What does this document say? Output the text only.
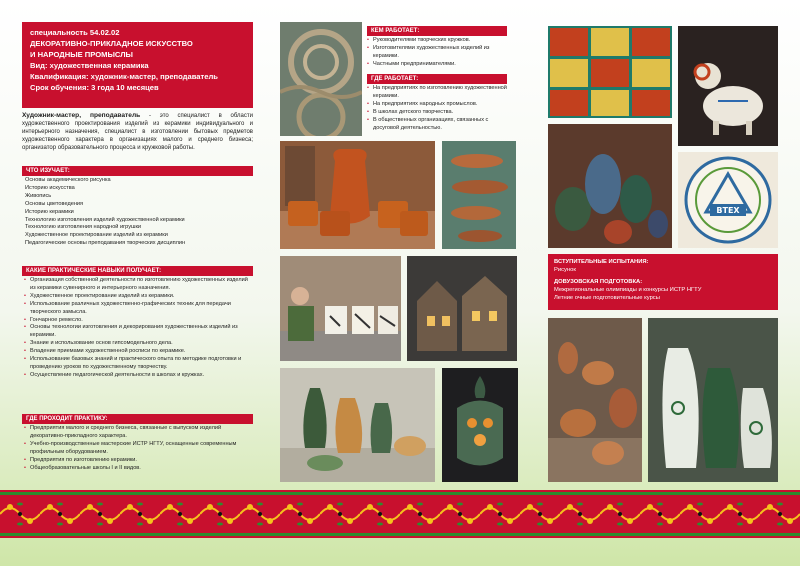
специальность 54.02.02
ДЕКОРАТИВНО-ПРИКЛАДНОЕ ИСКУССТВО
И НАРОДНЫЕ ПРОМЫСЛЫ
Вид: художественная керамика
Квалификация: художник-мастер, преподаватель
Срок обучения: 3 года 10 месяцев
Художник-мастер, преподаватель - это специалист в области художественного проектирования изделий из керамики индивидуального и интерьерного назначения, специалист в изготовлении бытовых предметов художественного характера в организациях малого и среднего бизнеса; организатор образовательного процесса и кружковой работы.
ЧТО ИЗУЧАЕТ:
Основы академического рисунка
Историю искусства
Живопись
Основы цветоведения
Историю керамики
Технологию изготовления изделий художественной керамики
Технологию изготовления народной игрушки
Художественное проектирование изделий из керамики
Педагогические основы преподавания творческих дисциплин
КАКИЕ ПРАКТИЧЕСКИЕ НАВЫКИ ПОЛУЧАЕТ:
• Организация собственной деятельности по изготовлению художественных изделий из керамики сувенирного и интерьерного назначения.
• Художественное проектирование изделий из керамики.
• Использование различных художественно-графических техник для передачи творческого замысла.
• Гончарное ремесло.
• Основы технологии изготовления и декорирования художественных изделий из керамики.
• Знание и использование основ гипсомодельного дела.
• Владение приемами художественной росписи по керамике.
• Использование базовых знаний и практического опыта по методике подготовки и проведению уроков по художественному творчеству.
• Осуществление педагогической деятельности в школах и кружках.
ГДЕ ПРОХОДИТ ПРАКТИКУ:
• Предприятия малого и среднего бизнеса, связанные с выпуском изделий декоративно-прикладного характера.
• Учебно-производственные мастерские ИСТР НГТУ, оснащенные современным профильным оборудованием.
• Предприятия по изготовлению керамики.
• Общеобразовательные школы I и II видов.
КЕМ РАБОТАЕТ:
• Руководителями творческих кружков.
• Изготовителями художественных изделий из керамики.
• Частными предпринимателями.
ГДЕ РАБОТАЕТ:
• На предприятиях по изготовлению художественной керамики.
• На предприятиях народных промыслов.
• В школах детского творчества.
• В общественных организациях, связанных с досуговой деятельностью.
ВТЕХ
ВСТУПИТЕЛЬНЫЕ ИСПЫТАНИЯ:
Рисунок
ДОВУЗОВСКАЯ ПОДГОТОВКА:
Межрегиональные олимпиады и конкурсы ИСТР НГТУ
Летние очные подготовительные курсы
